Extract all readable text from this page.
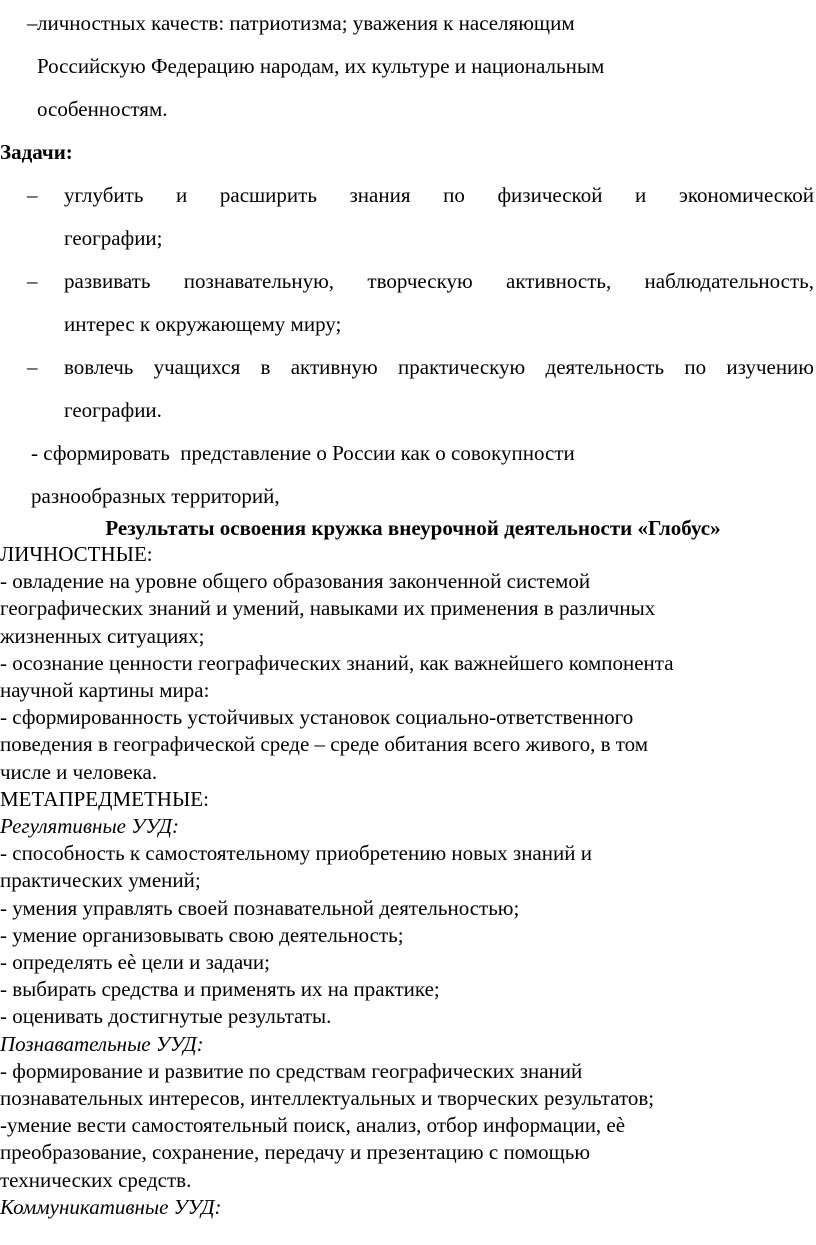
– личностных качеств: патриотизма; уважения к населяющим
Российскую Федерацию народам, их культуре и национальным
особенностям.
Задачи:
– углубить   и   расширить   знания   по   физической   и   экономической
географии;
– развивать познавательную, творческую активность, наблюдательность,
интерес к окружающему миру;
– вовлечь учащихся в активную практическую деятельность по изучению
географии.
- сформировать  представление о России как о совокупности
разнообразных территорий,
Результаты освоения кружка внеурочной деятельности «Глобус»

ЛИЧНОСТНЫЕ:

- овладение на уровне общего образования законченной системой

географических знаний и умений, навыками их применения в различных

жизненных ситуациях;

- осознание ценности географических знаний, как важнейшего компонента

научной картины мира:

- сформированность устойчивых установок социально-ответственного

поведения в географической среде – среде обитания всего живого, в том

числе и человека.

МЕТАПРЕДМЕТНЫЕ:

Регулятивные УУД:

- способность к самостоятельному приобретению новых знаний и

практических умений;

- умения управлять своей познавательной деятельностью;

- умение организовывать свою деятельность;

- определять еѐ цели и задачи;

- выбирать средства и применять их на практике;

- оценивать достигнутые результаты.

Познавательные УУД:

- формирование и развитие по средствам географических знаний

познавательных интересов, интеллектуальных и творческих результатов;

-умение вести самостоятельный поиск, анализ, отбор информации, еѐ

преобразование, сохранение, передачу и презентацию с помощью

технических средств.

Коммуникативные УУД:
